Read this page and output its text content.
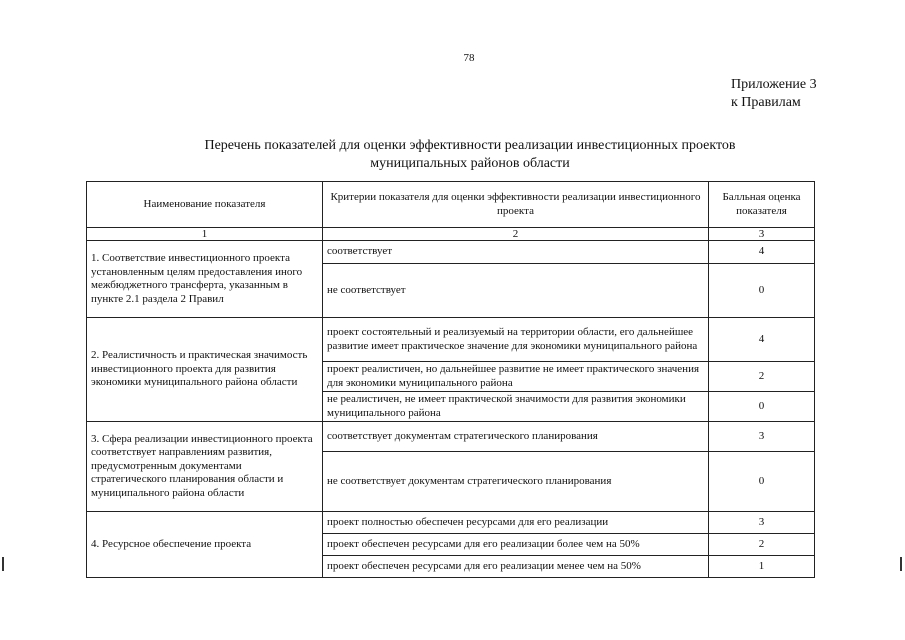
78
Приложение 3
к Правилам
Перечень показателей для оценки эффективности реализации инвестиционных проектов
муниципальных районов области
Наименование показателя	Критерии показателя для оценки эффективности реализации инвестиционного проекта	Балльная оценка показателя
1	2	3
1. Соответствие инвестиционного проекта установленным целям предоставления иного межбюджетного трансферта, указанным в пункте 2.1 раздела 2 Правил	соответствует	4
	не соответствует	0
2. Реалистичность и практическая значимость инвестиционного проекта для развития экономики муниципального района области	проект состоятельный и реализуемый на территории области, его дальнейшее развитие имеет практическое значение для экономики муниципального района	4
	проект реалистичен, но дальнейшее развитие не имеет практического значения для экономики муниципального района	2
	не реалистичен, не имеет практической значимости для развития экономики муниципального района	0
3. Сфера реализации инвестиционного проекта соответствует направлениям развития, предусмотренным документами стратегического планирования области и муниципального района области	соответствует документам стратегического планирования	3
	не соответствует документам стратегического планирования	0
4. Ресурсное обеспечение проекта	проект полностью обеспечен ресурсами для его реализации	3
	проект обеспечен ресурсами для его реализации более чем на 50%	2
	проект обеспечен ресурсами для его реализации менее чем на 50%	1
